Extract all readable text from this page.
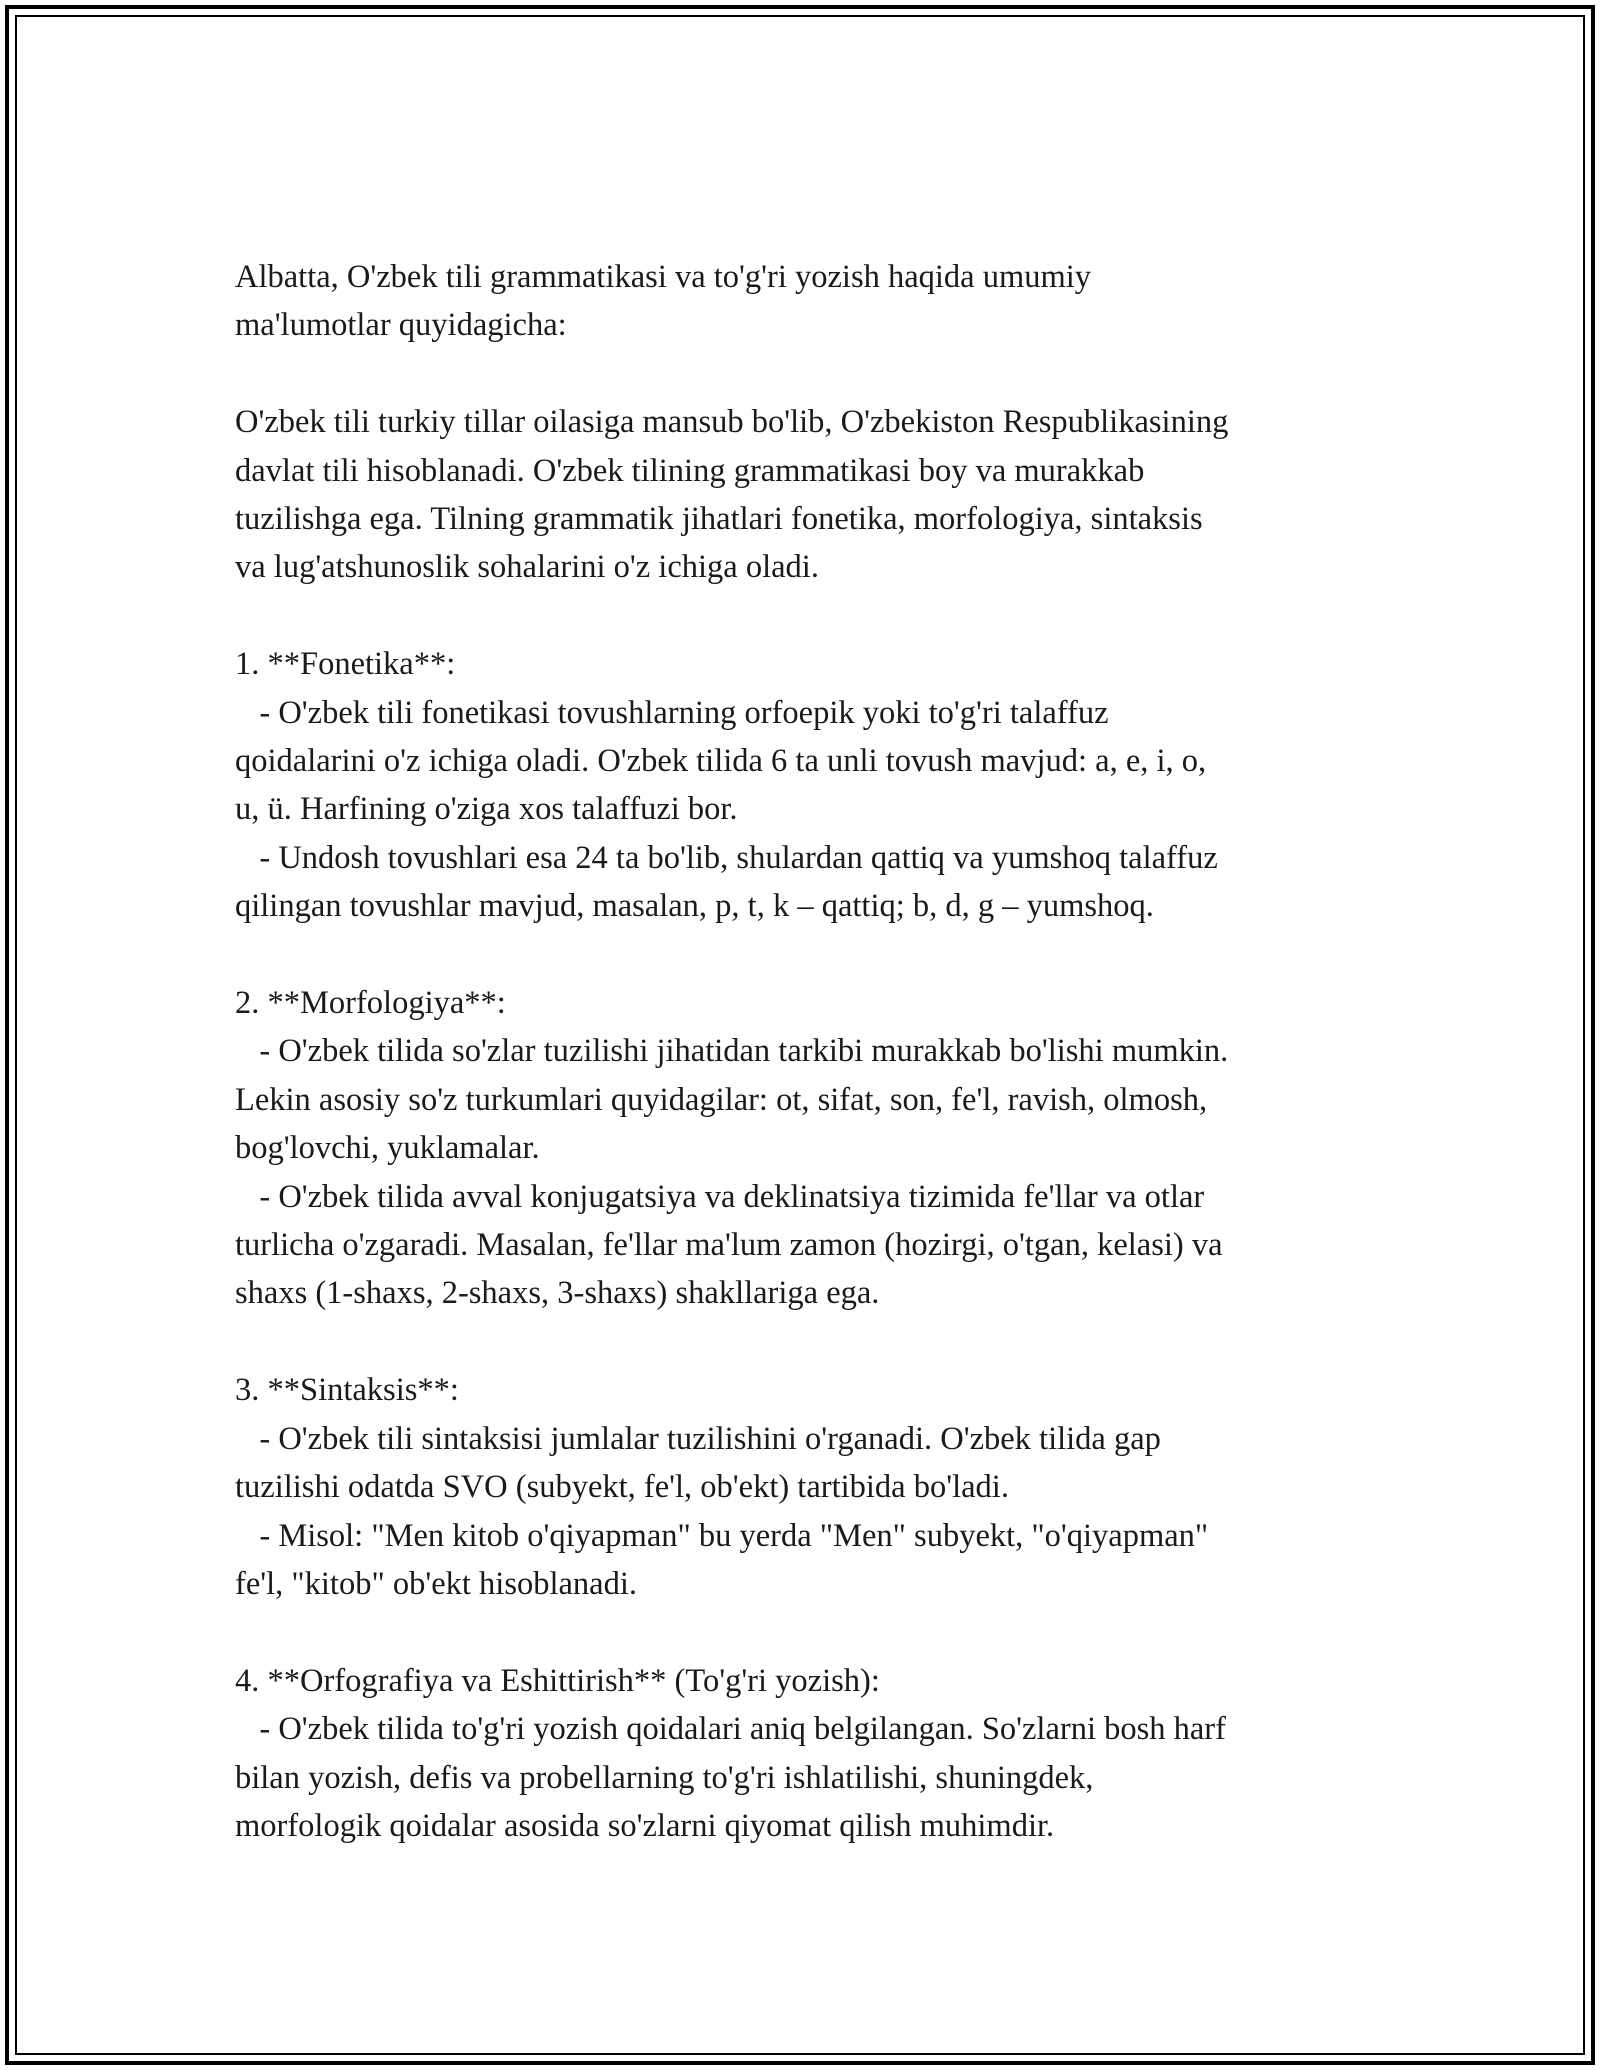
Albatta, O'zbek tili grammatikasi va to'g'ri yozish haqida umumiy
ma'lumotlar quyidagicha:
O'zbek tili turkiy tillar oilasiga mansub bo'lib, O'zbekiston Respublikasining
davlat tili hisoblanadi. O'zbek tilining grammatikasi boy va murakkab
tuzilishga ega. Tilning grammatik jihatlari fonetika, morfologiya, sintaksis
va lug'atshunoslik sohalarini o'z ichiga oladi.
1. **Fonetika**:
- O'zbek tili fonetikasi tovushlarning orfoepik yoki to'g'ri talaffuz
qoidalarini o'z ichiga oladi. O'zbek tilida 6 ta unli tovush mavjud: a, e, i, o,
u, ü. Harfining o'ziga xos talaffuzi bor.
- Undosh tovushlari esa 24 ta bo'lib, shulardan qattiq va yumshoq talaffuz
qilingan tovushlar mavjud, masalan, p, t, k – qattiq; b, d, g – yumshoq.
2. **Morfologiya**:
- O'zbek tilida so'zlar tuzilishi jihatidan tarkibi murakkab bo'lishi mumkin.
Lekin asosiy so'z turkumlari quyidagilar: ot, sifat, son, fe'l, ravish, olmosh,
bog'lovchi, yuklamalar.
- O'zbek tilida avval konjugatsiya va deklinatsiya tizimida fe'llar va otlar
turlicha o'zgaradi. Masalan, fe'llar ma'lum zamon (hozirgi, o'tgan, kelasi) va
shaxs (1-shaxs, 2-shaxs, 3-shaxs) shakllariga ega.
3. **Sintaksis**:
- O'zbek tili sintaksisi jumlalar tuzilishini o'rganadi. O'zbek tilida gap
tuzilishi odatda SVO (subyekt, fe'l, ob'ekt) tartibida bo'ladi.
- Misol: "Men kitob o'qiyapman" bu yerda "Men" subyekt, "o'qiyapman"
fe'l, "kitob" ob'ekt hisoblanadi.
4. **Orfografiya va Eshittirish** (To'g'ri yozish):
- O'zbek tilida to'g'ri yozish qoidalari aniq belgilangan. So'zlarni bosh harf
bilan yozish, defis va probellarning to'g'ri ishlatilishi, shuningdek,
morfologik qoidalar asosida so'zlarni qiyomat qilish muhimdir.
